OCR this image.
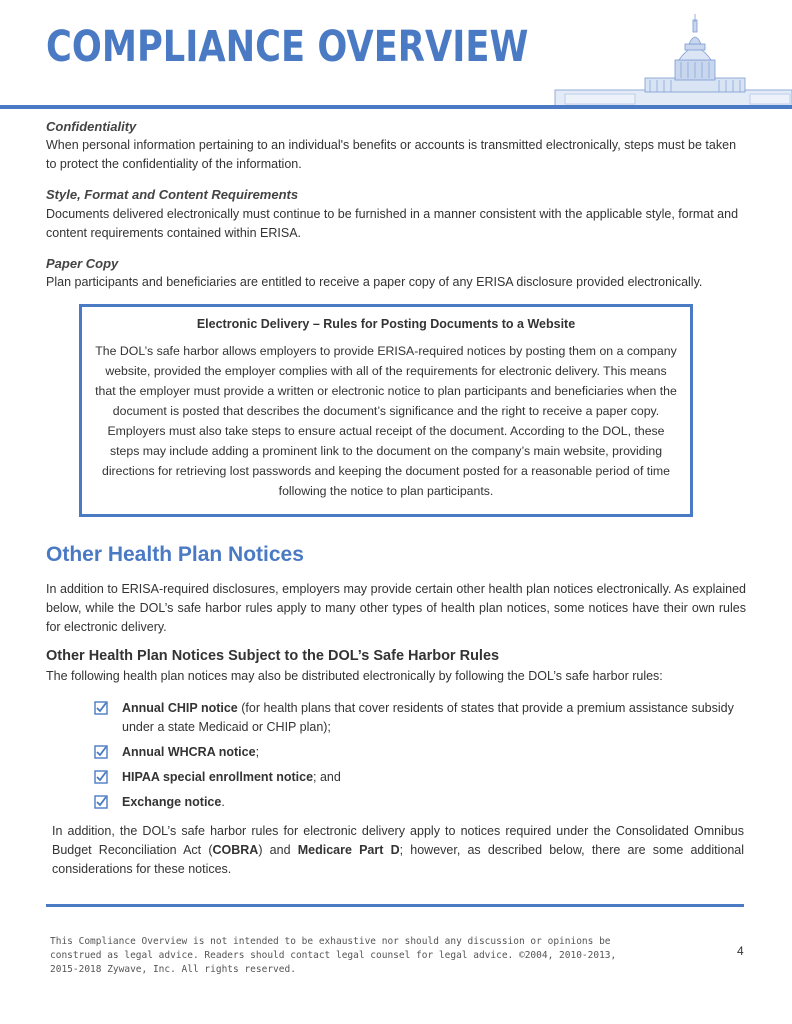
COMPLIANCE OVERVIEW
Confidentiality
When personal information pertaining to an individual's benefits or accounts is transmitted electronically, steps must be taken to protect the confidentiality of the information.
Style, Format and Content Requirements
Documents delivered electronically must continue to be furnished in a manner consistent with the applicable style, format and content requirements contained within ERISA.
Paper Copy
Plan participants and beneficiaries are entitled to receive a paper copy of any ERISA disclosure provided electronically.
Electronic Delivery – Rules for Posting Documents to a Website
The DOL’s safe harbor allows employers to provide ERISA-required notices by posting them on a company website, provided the employer complies with all of the requirements for electronic delivery. This means that the employer must provide a written or electronic notice to plan participants and beneficiaries when the document is posted that describes the document’s significance and the right to receive a paper copy. Employers must also take steps to ensure actual receipt of the document. According to the DOL, these steps may include adding a prominent link to the document on the company’s main website, providing directions for retrieving lost passwords and keeping the document posted for a reasonable period of time following the notice to plan participants.
Other Health Plan Notices
In addition to ERISA-required disclosures, employers may provide certain other health plan notices electronically. As explained below, while the DOL’s safe harbor rules apply to many other types of health plan notices, some notices have their own rules for electronic delivery.
Other Health Plan Notices Subject to the DOL’s Safe Harbor Rules
The following health plan notices may also be distributed electronically by following the DOL’s safe harbor rules:
Annual CHIP notice (for health plans that cover residents of states that provide a premium assistance subsidy under a state Medicaid or CHIP plan);
Annual WHCRA notice;
HIPAA special enrollment notice; and
Exchange notice.
In addition, the DOL’s safe harbor rules for electronic delivery apply to notices required under the Consolidated Omnibus Budget Reconciliation Act (COBRA) and Medicare Part D; however, as described below, there are some additional considerations for these notices.
This Compliance Overview is not intended to be exhaustive nor should any discussion or opinions be construed as legal advice. Readers should contact legal counsel for legal advice. ©2004, 2010-2013, 2015-2018 Zywave, Inc. All rights reserved.
4
